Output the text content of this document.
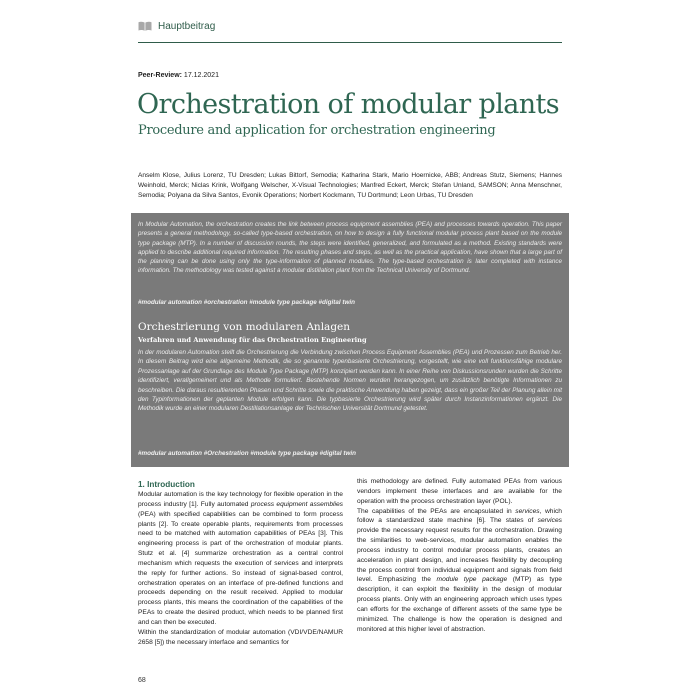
Hauptbeitrag
Peer-Review: 17.12.2021
Orchestration of modular plants
Procedure and application for orchestration engineering
Anselm Klose, Julius Lorenz, TU Dresden; Lukas Bittorf, Semodia; Katharina Stark, Mario Hoernicke, ABB; Andreas Stutz, Siemens; Hannes Weinhold, Merck; Niclas Krink, Wolfgang Welscher, X-Visual Technologies; Manfred Eckert, Merck; Stefan Unland, SAMSON; Anna Menschner, Semodia; Polyana da Silva Santos, Evonik Operations; Norbert Kockmann, TU Dortmund; Leon Urbas, TU Dresden
In Modular Automation, the orchestration creates the link between process equipment assemblies (PEA) and processes towards operation. This paper presents a general methodology, so-called type-based orchestration, on how to design a fully functional modular process plant based on the module type package (MTP). In a number of discussion rounds, the steps were identified, generalized, and formulated as a method. Existing standards were applied to describe additional required information. The resulting phases and steps, as well as the practical application, have shown that a large part of the planning can be done using only the type-information of planned modules. The type-based orchestration is later completed with instance information. The methodology was tested against a modular distillation plant from the Technical University of Dortmund.
#modular automation #orchestration #module type package #digital twin
Orchestrierung von modularen Anlagen
Verfahren und Anwendung für das Orchestration Engineering
In der modularen Automation stellt die Orchestrierung die Verbindung zwischen Process Equipment Assemblies (PEA) und Prozessen zum Betrieb her. In diesem Beitrag wird eine allgemeine Methodik, die so genannte typenbasierte Orchestrierung, vorgestellt, wie eine voll funktionsfähige modulare Prozessanlage auf der Grundlage des Module Type Package (MTP) konzipiert werden kann. In einer Reihe von Diskussionsrunden wurden die Schritte identifiziert, verallgemeinert und als Methode formuliert. Bestehende Normen wurden herangezogen, um zusätzlich benötigte Informationen zu beschreiben. Die daraus resultierenden Phasen und Schritte sowie die praktische Anwendung haben gezeigt, dass ein großer Teil der Planung allein mit den Typinformationen der geplanten Module erfolgen kann. Die typbasierte Orchestrierung wird später durch Instanzinformationen ergänzt. Die Methodik wurde an einer modularen Destillationsanlage der Technischen Universität Dortmund getestet.
#modular automation #Orchestration #module type package #digital twin
1. Introduction

Modular automation is the key technology for flexible operation in the process industry [1]. Fully automated process equipment assemblies (PEA) with specified capabilities can be combined to form process plants [2]. To create operable plants, requirements from processes need to be matched with automation capabilities of PEAs [3]. This engineering process is part of the orchestration of modular plants. Stutz et al. [4] summarize orchestration as a central control mechanism which requests the execution of services and interprets the reply for further actions. So instead of signal-based control, orchestration operates on an interface of pre-defined functions and proceeds depending on the result received. Applied to modular process plants, this means the coordination of the capabilities of the PEAs to create the desired product, which needs to be planned first and can then be executed.

Within the standardization of modular automation (VDI/VDE/NAMUR 2658 [5]) the necessary interface and semantics for

this methodology are defined. Fully automated PEAs from various vendors implement these interfaces and are available for the operation with the process orchestration layer (POL).

The capabilities of the PEAs are encapsulated in services, which follow a standardized state machine [6]. The states of services provide the necessary request results for the orchestration. Drawing the similarities to web-services, modular automation enables the process industry to control modular process plants, creates an acceleration in plant design, and increases flexibility by decoupling the process control from individual equipment and signals from field level. Emphasizing the module type package (MTP) as type description, it can exploit the flexibility in the design of modular process plants. Only with an engineering approach which uses types can efforts for the exchange of different assets of the same type be minimized. The challenge is how the operation is designed and monitored at this higher level of abstraction.

68
